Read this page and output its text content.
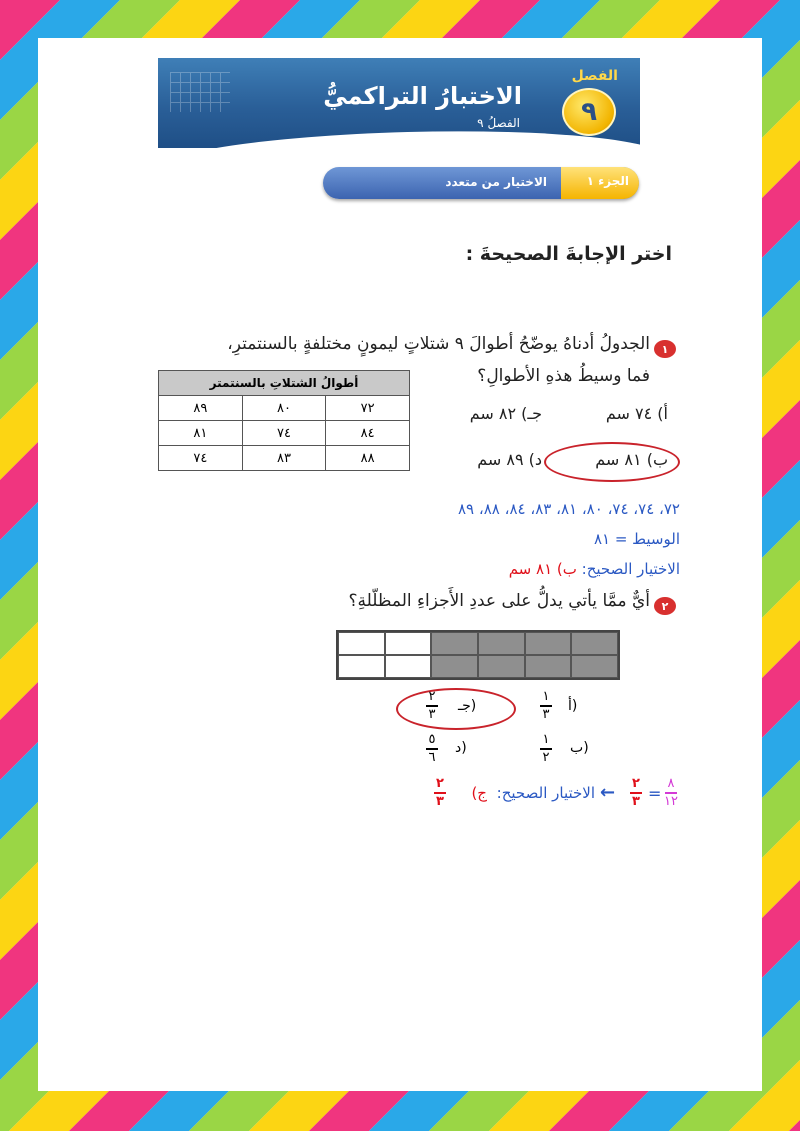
الاختبارُ التراكميُّ
الفصلُ ٩
الفصل
٩
الجزء ١
الاختيار من متعدد
اختر الإجابةَ الصحيحةَ :
١
الجدولُ أدناهُ يوضّحُ أطوالَ ٩ شتلاتٍ ليمونٍ مختلفةٍ بالسنتمترِ،
فما وسيطُ هذهِ الأطوالِ؟
أطوالُ الشتلاتِ بالسنتمتر		
٨٩	٨٠	٧٢
٨١	٧٤	٨٤
٧٤	٨٣	٨٨
أ) ٧٤ سم
جـ) ٨٢ سم
ب) ٨١ سم
د) ٨٩ سم
٧٢، ٧٤، ٧٤، ٨٠، ٨١، ٨٣، ٨٤، ٨٨، ٨٩
الوسيط = ٨١
الاختيار الصحيح: ب) ٨١ سم
٢
أيٌّ ممَّا يأتي يدلُّ على عددِ الأَجزاءِ المظلّلةِ؟
جـ)
٢
٣	أ)
١
٣
د)
٥
٦
ب)
١
٢
٨
١٢
=
٢
٣
←
الاختيار الصحيح:
ج)
٢
٣
